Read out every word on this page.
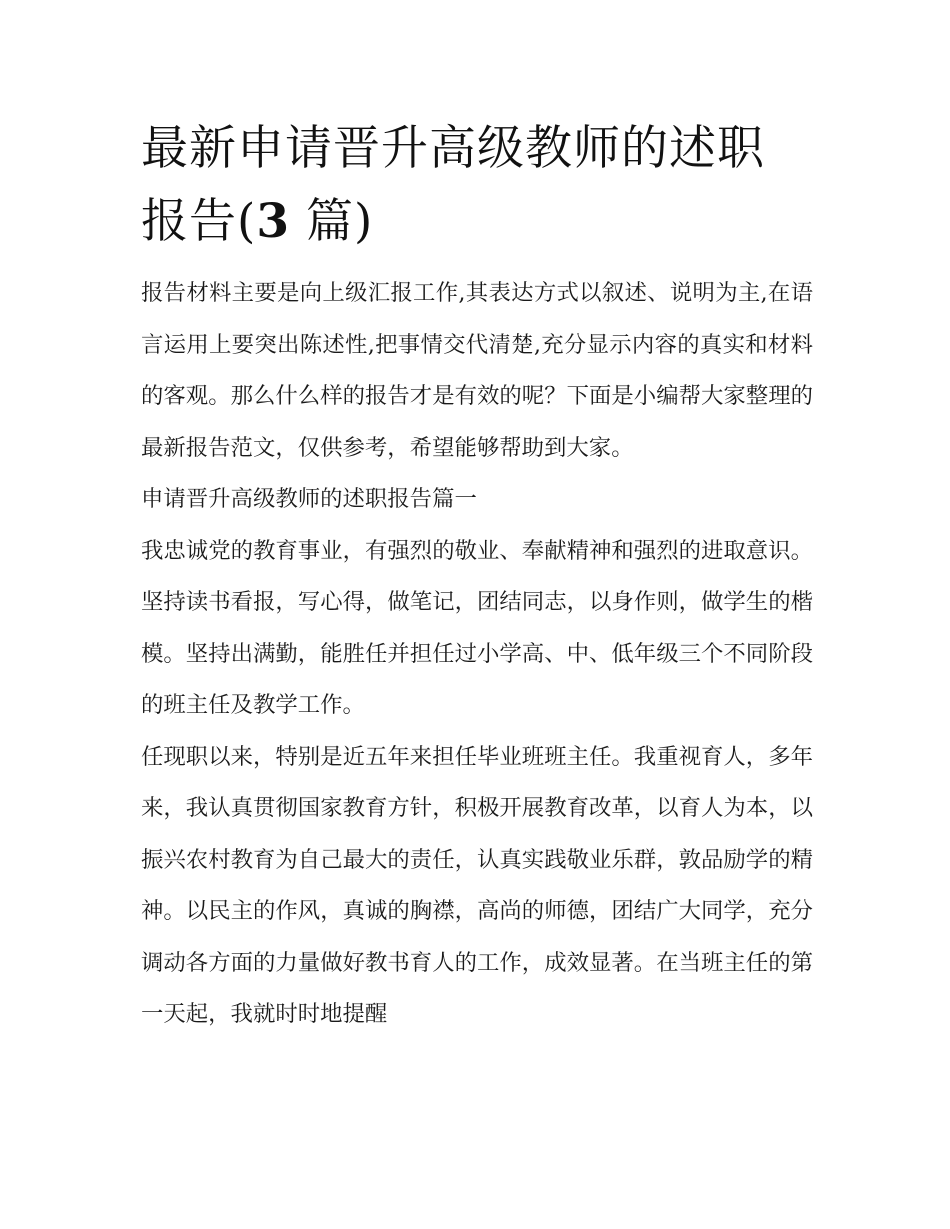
最新申请晋升高级教师的述职
报告(3 篇)

报告材料主要是向上级汇报工作,其表达方式以叙述、说明为主,在语言运用上要突出陈述性,把事情交代清楚,充分显示内容的真实和材料的客观。那么什么样的报告才是有效的呢？下面是小编帮大家整理的最新报告范文，仅供参考，希望能够帮助到大家。

申请晋升高级教师的述职报告篇一

我忠诚党的教育事业，有强烈的敬业、奉献精神和强烈的进取意识。坚持读书看报，写心得，做笔记，团结同志，以身作则，做学生的楷模。坚持出满勤，能胜任并担任过小学高、中、低年级三个不同阶段的班主任及教学工作。

任现职以来，特别是近五年来担任毕业班班主任。我重视育人，多年来，我认真贯彻国家教育方针，积极开展教育改革，以育人为本，以振兴农村教育为自己最大的责任，认真实践敬业乐群，敦品励学的精神。以民主的作风，真诚的胸襟，高尚的师德，团结广大同学，充分调动各方面的力量做好教书育人的工作，成效显著。在当班主任的第一天起，我就时时地提醒
